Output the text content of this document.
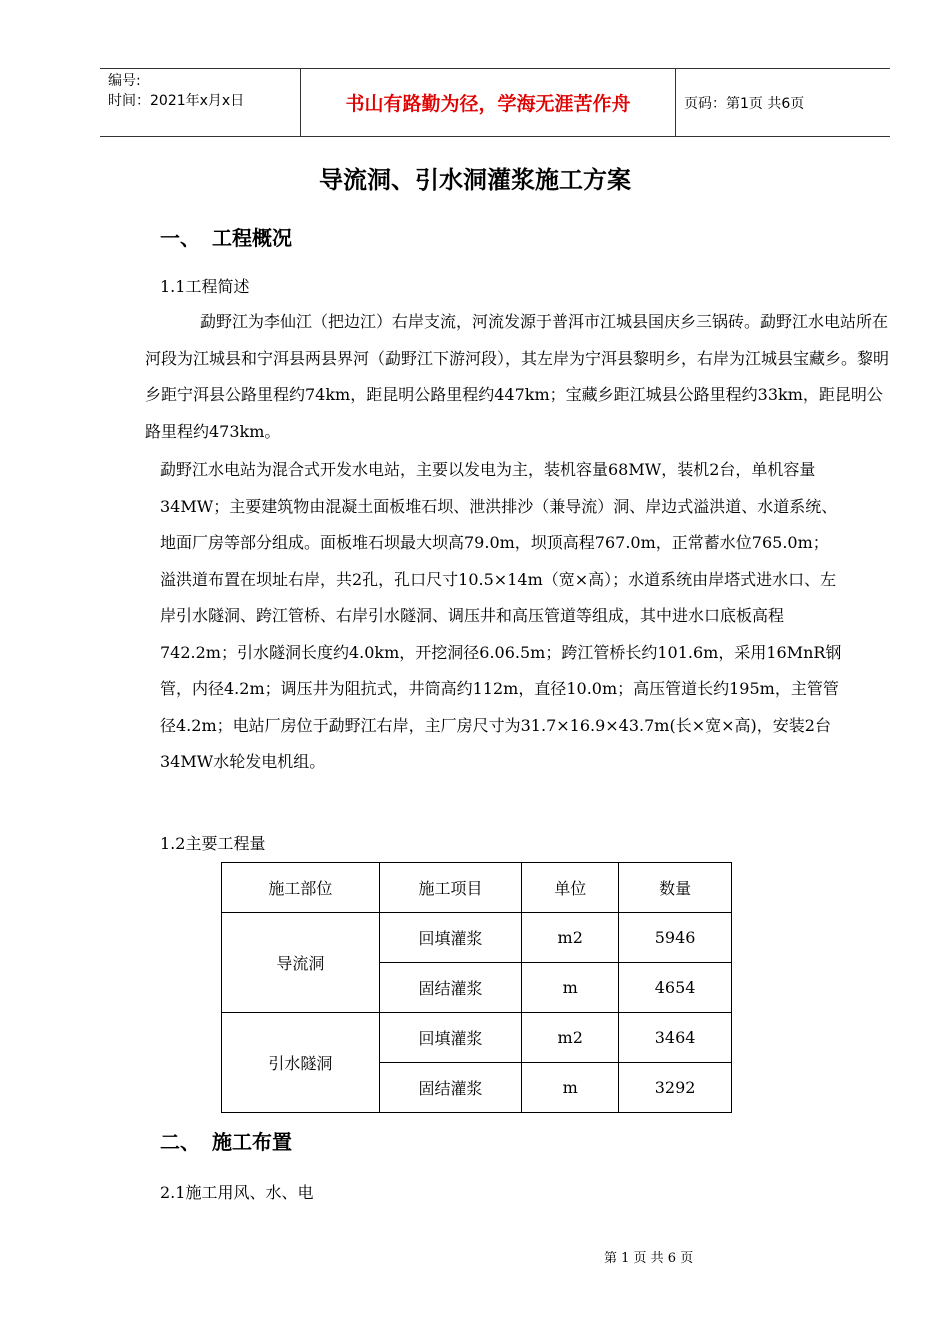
编号:
时间：2021年x月x日	书山有路勤为径，学海无涯苦作舟	页码：第1页 共6页
导流洞、引水洞灌浆施工方案
一、 工程概况
1.1工程简述

勐野江为李仙江（把边江）右岸支流，河流发源于普洱市江城县国庆乡三锅砖。勐野江水电站所在河段为江城县和宁洱县两县界河（勐野江下游河段），其左岸为宁洱县黎明乡，右岸为江城县宝藏乡。黎明乡距宁洱县公路里程约74km，距昆明公路里程约447km；宝藏乡距江城县公路里程约33km，距昆明公路里程约473km。

勐野江水电站为混合式开发水电站，主要以发电为主，装机容量68MW，装机2台，单机容量34MW；主要建筑物由混凝土面板堆石坝、泄洪排沙（兼导流）洞、岸边式溢洪道、水道系统、地面厂房等部分组成。面板堆石坝最大坝高79.0m，坝顶高程767.0m，正常蓄水位765.0m；溢洪道布置在坝址右岸，共2孔，孔口尺寸10.5×14m（宽×高）；水道系统由岸塔式进水口、左岸引水隧洞、跨江管桥、右岸引水隧洞、调压井和高压管道等组成，其中进水口底板高程742.2m；引水隧洞长度约4.0km，开挖洞径6.06.5m；跨江管桥长约101.6m，采用16MnR钢管，内径4.2m；调压井为阻抗式，井筒高约112m，直径10.0m；高压管道长约195m，主管管径4.2m；电站厂房位于勐野江右岸，主厂房尺寸为31.7×16.9×43.7m(长×宽×高)，安装2台34MW水轮发电机组。

1.2主要工程量
施工部位	施工项目	单位	数量
导流洞	回填灌浆	m2	5946
	固结灌浆	m	4654
引水隧洞	回填灌浆	m2	3464
	固结灌浆	m	3292
二、 施工布置
2.1施工用风、水、电
第 1 页 共 6 页
